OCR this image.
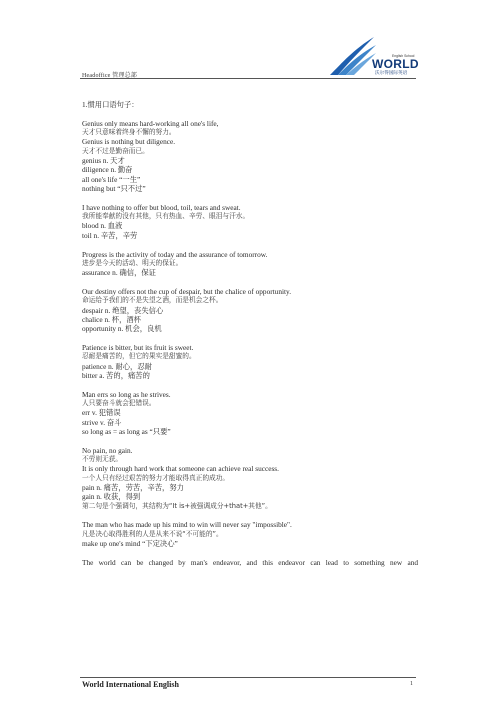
Headoffice 管理总部
English School
WORLD
沃尔得国际英语
1.惯用口语句子：
Genius only means hard-working all one's life,
天才只意味着终身不懈的努力。
Genius is nothing but diligence.
天才不过是勤奋而已。
genius n. 天才
diligence n. 勤奋
all one's life “一生”
nothing but “只不过”
I have nothing to offer but blood, toil, tears and sweat.
我所能奉献的没有其他，只有热血、辛劳、眼泪与汗水。
blood n. 血液
toil n. 辛苦，辛劳
Progress is the activity of today and the assurance of tomorrow.
进步是今天的活动、明天的保证。
assurance n. 确信，保证
Our destiny offers not the cup of despair, but the chalice of opportunity.
命运给予我们的不是失望之酒，而是机会之杯。
despair n. 绝望，丧失信心
chalice n. 杯，酒杯
opportunity n. 机会，良机
Patience is bitter, but its fruit is sweet.
忍耐是痛苦的，但它的果实是甜蜜的。
patience n. 耐心，忍耐
bitter a. 苦的，痛苦的
Man errs so long as he strives.
人只要奋斗就会犯错误。
err v. 犯错误
strive v. 奋斗
so long as = as long as “只要”
No pain, no gain.
不劳则无获。
It is only through hard work that someone can achieve real success.
一个人只有经过艰苦的努力才能取得真正的成功。
pain n. 痛苦，劳苦，辛苦，努力
gain n. 收获，得到
第二句是个强调句，其结构为“It is+被强调成分+that+其他”。
The man who has made up his mind to win will never say "impossible".
凡是决心取得胜利的人是从来不说“不可能的”。
make up one's mind “下定决心”
The world can be changed by man's endeavor, and this endeavor can lead to something new and
World International English	1
